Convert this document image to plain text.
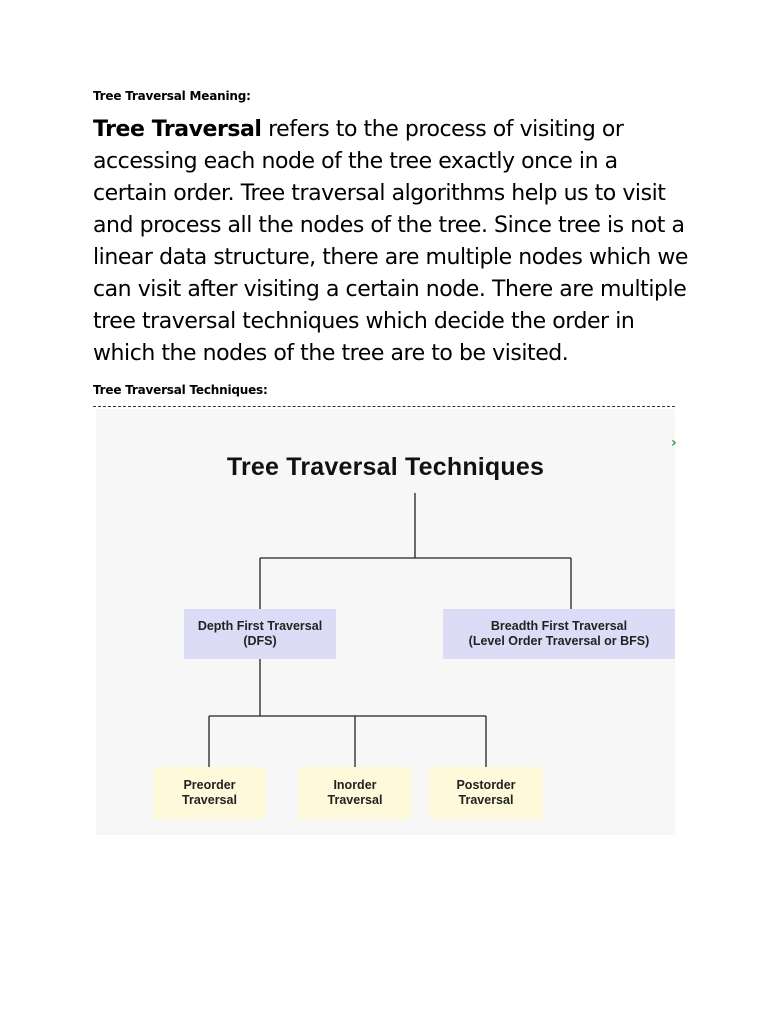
Tree Traversal Meaning:
Tree Traversal refers to the process of visiting or accessing each node of the tree exactly once in a certain order. Tree traversal algorithms help us to visit and process all the nodes of the tree. Since tree is not a linear data structure, there are multiple nodes which we can visit after visiting a certain node. There are multiple tree traversal techniques which decide the order in which the nodes of the tree are to be visited.
Tree Traversal Techniques:
Tree Traversal Techniques
Depth First Traversal
(DFS)
Breadth First Traversal
(Level Order Traversal or BFS)
Preorder
Traversal
Inorder
Traversal
Postorder
Traversal
›
